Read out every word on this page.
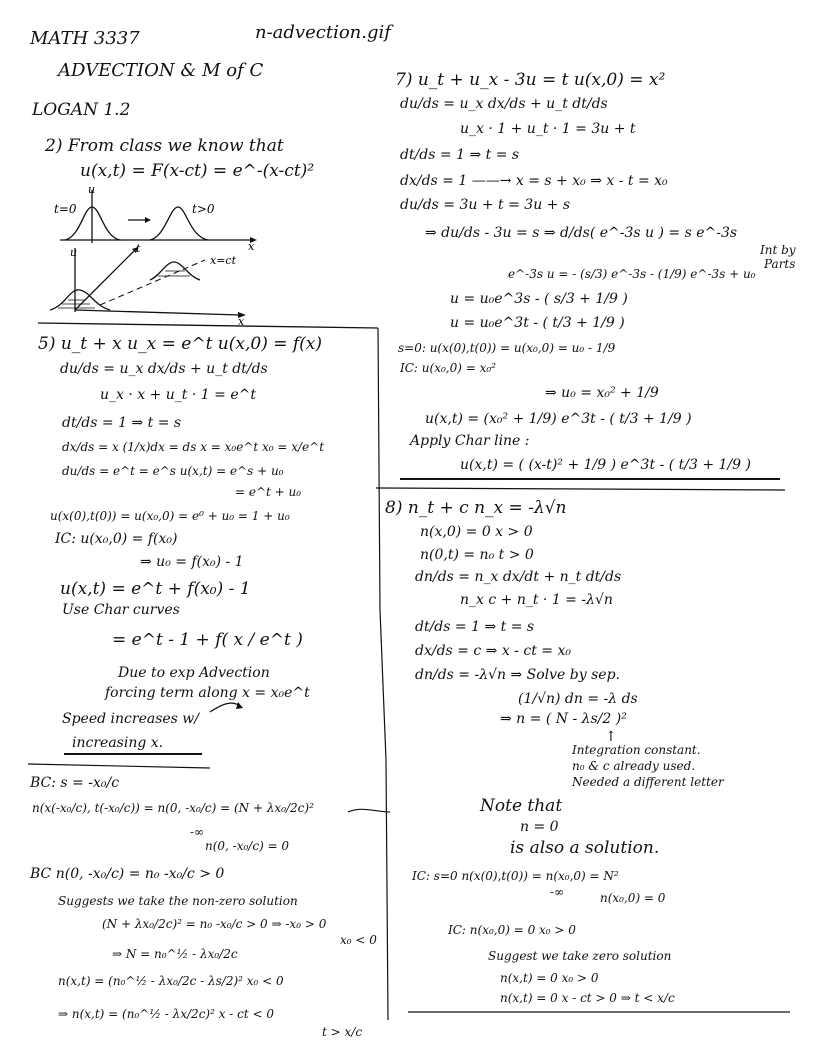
MATH 3337	n-advection.gif
ADVECTION & M of C
LOGAN 1.2
2) From class we know that
u(x,t) = F(x-ct) = e^-(x-ct)²
u
t=0	t>0
x
u	t
x=ct
x
5) u_t + x u_x = e^t u(x,0) = f(x)
du/ds = u_x dx/ds + u_t dt/ds
u_x · x + u_t · 1 = e^t
dt/ds = 1 ⇒ t = s
dx/ds = x (1/x)dx = ds x = x₀e^t x₀ = x/e^t
du/ds = e^t = e^s u(x,t) = e^s + u₀
= e^t + u₀
u(x(0),t(0)) = u(x₀,0) = e⁰ + u₀ = 1 + u₀
IC: u(x₀,0) = f(x₀)
⇒ u₀ = f(x₀) - 1
u(x,t) = e^t + f(x₀) - 1
Use Char curves
= e^t - 1 + f( x / e^t )
Due to exp Advection
forcing term along x = x₀e^t
Speed increases w/
increasing x.
BC: s = -x₀/c
n(x(-x₀/c), t(-x₀/c)) = n(0, -x₀/c) = (N + λx₀/2c)²
-∞
n(0, -x₀/c) = 0
BC n(0, -x₀/c) = n₀ -x₀/c > 0
Suggests we take the non-zero solution
(N + λx₀/2c)² = n₀ -x₀/c > 0 ⇒ -x₀ > 0
x₀ < 0
⇒ N = n₀^½ - λx₀/2c
n(x,t) = (n₀^½ - λx₀/2c - λs/2)² x₀ < 0
⇒ n(x,t) = (n₀^½ - λx/2c)² x - ct < 0
t > x/c
7) u_t + u_x - 3u = t u(x,0) = x²
du/ds = u_x dx/ds + u_t dt/ds
u_x · 1 + u_t · 1 = 3u + t
dt/ds = 1 ⇒ t = s
dx/ds = 1 ——→ x = s + x₀ ⇒ x - t = x₀
du/ds = 3u + t = 3u + s
⇒ du/ds - 3u = s ⇒ d/ds( e^-3s u ) = s e^-3s
Int by
Parts
e^-3s u = - (s/3) e^-3s - (1/9) e^-3s + u₀
u = u₀e^3s - ( s/3 + 1/9 )
u = u₀e^3t - ( t/3 + 1/9 )
s=0: u(x(0),t(0)) = u(x₀,0) = u₀ - 1/9
IC: u(x₀,0) = x₀²
⇒ u₀ = x₀² + 1/9
u(x,t) = (x₀² + 1/9) e^3t - ( t/3 + 1/9 )
Apply Char line :
u(x,t) = ( (x-t)² + 1/9 ) e^3t - ( t/3 + 1/9 )
8) n_t + c n_x = -λ√n
n(x,0) = 0 x > 0
n(0,t) = n₀ t > 0
dn/ds = n_x dx/dt + n_t dt/ds
n_x c + n_t · 1 = -λ√n
dt/ds = 1 ⇒ t = s
dx/ds = c ⇒ x - ct = x₀
dn/ds = -λ√n ⇒ Solve by sep.
(1/√n) dn = -λ ds
⇒ n = ( N - λs/2 )²
↑
Integration constant.
n₀ & c already used.
Needed a different letter
Note that
n = 0
is also a solution.
IC: s=0 n(x(0),t(0)) = n(x₀,0) = N²
-∞	n(x₀,0) = 0
IC: n(x₀,0) = 0 x₀ > 0
Suggest we take zero solution
n(x,t) = 0 x₀ > 0
n(x,t) = 0 x - ct > 0 ⇒ t < x/c
